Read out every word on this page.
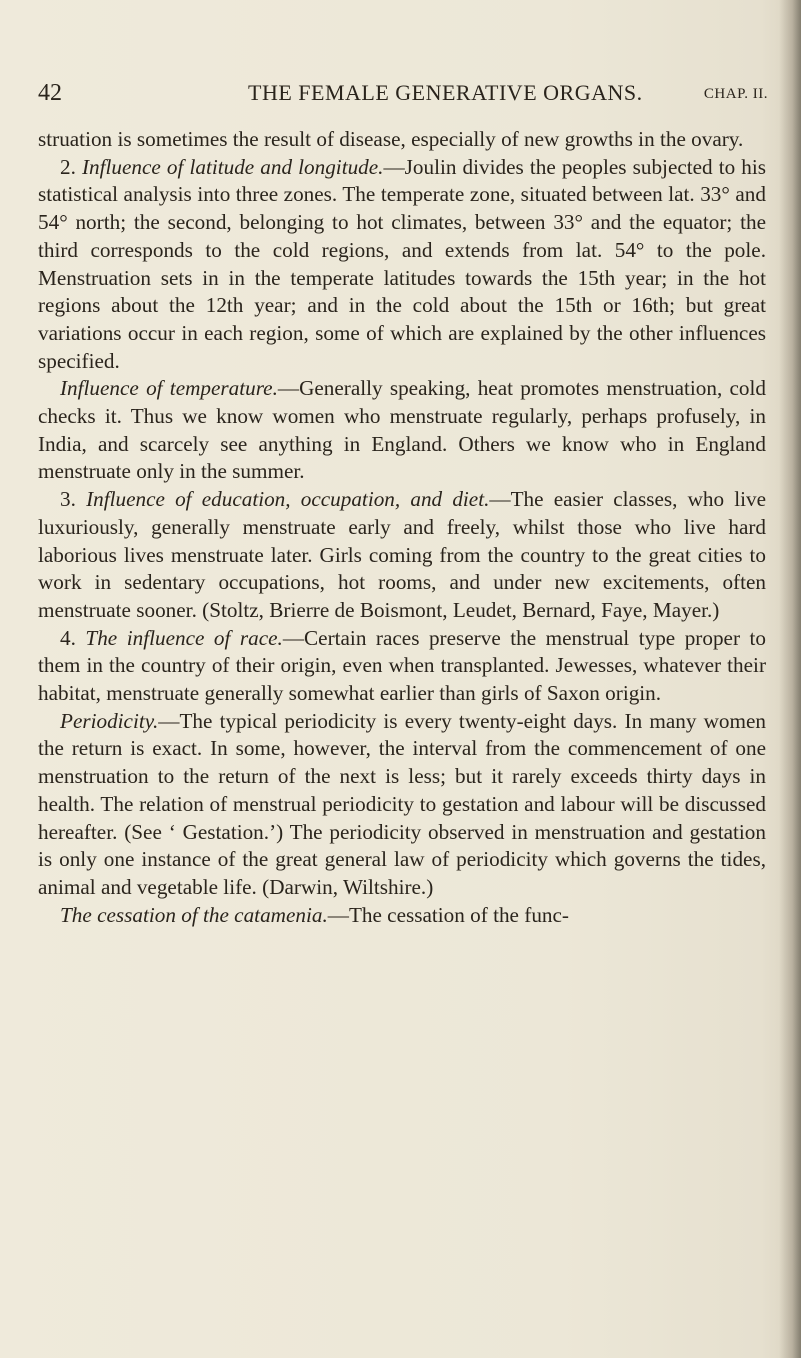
42	THE FEMALE GENERATIVE ORGANS.	CHAP. II.

struation is sometimes the result of disease, especially of new growths in the ovary.

2. Influence of latitude and longitude.—Joulin divides the peoples subjected to his statistical analysis into three zones. The temperate zone, situated between lat. 33° and 54° north; the second, belonging to hot climates, between 33° and the equator; the third corresponds to the cold regions, and extends from lat. 54° to the pole. Menstruation sets in in the temperate latitudes towards the 15th year; in the hot regions about the 12th year; and in the cold about the 15th or 16th; but great variations occur in each region, some of which are explained by the other influences specified.

Influence of temperature.—Generally speaking, heat promotes menstruation, cold checks it. Thus we know women who menstruate regularly, perhaps profusely, in India, and scarcely see anything in England. Others we know who in England menstruate only in the summer.

3. Influence of education, occupation, and diet.—The easier classes, who live luxuriously, generally menstruate early and freely, whilst those who live hard laborious lives menstruate later. Girls coming from the country to the great cities to work in sedentary occupations, hot rooms, and under new excitements, often menstruate sooner. (Stoltz, Brierre de Boismont, Leudet, Bernard, Faye, Mayer.)

4. The influence of race.—Certain races preserve the menstrual type proper to them in the country of their origin, even when transplanted. Jewesses, whatever their habitat, menstruate generally somewhat earlier than girls of Saxon origin.

Periodicity.—The typical periodicity is every twenty-eight days. In many women the return is exact. In some, however, the interval from the commencement of one menstruation to the return of the next is less; but it rarely exceeds thirty days in health. The relation of menstrual periodicity to gestation and labour will be discussed hereafter. (See ‘ Gestation.’) The periodicity observed in menstruation and gestation is only one instance of the great general law of periodicity which governs the tides, animal and vegetable life. (Darwin, Wiltshire.)

The cessation of the catamenia.—The cessation of the func-
